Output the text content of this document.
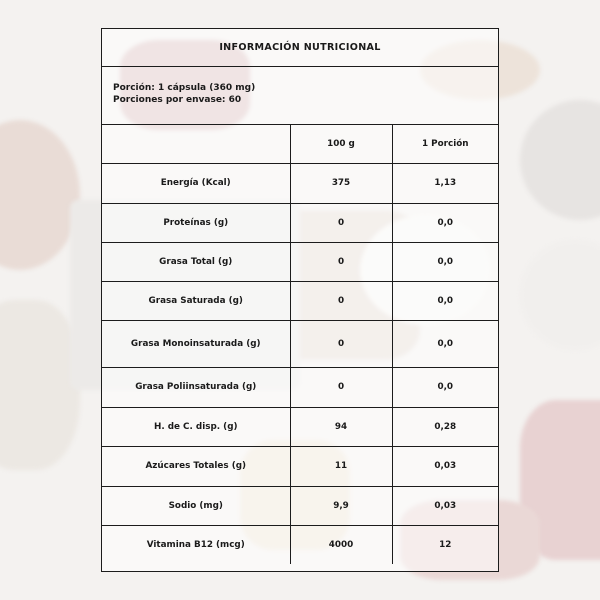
INFORMACIÓN NUTRICIONAL
Porción: 1 cápsula (360 mg)
Porciones por envase: 60
	100 g	1 Porción
Energía (Kcal)	375	1,13
Proteínas (g)	0	0,0
Grasa Total (g)	0	0,0
Grasa Saturada (g)	0	0,0
Grasa Monoinsaturada (g)	0	0,0
Grasa Poliinsaturada (g)	0	0,0
H. de C. disp. (g)	94	0,28
Azúcares Totales (g)	11	0,03
Sodio (mg)	9,9	0,03
Vitamina B12 (mcg)	4000	12
